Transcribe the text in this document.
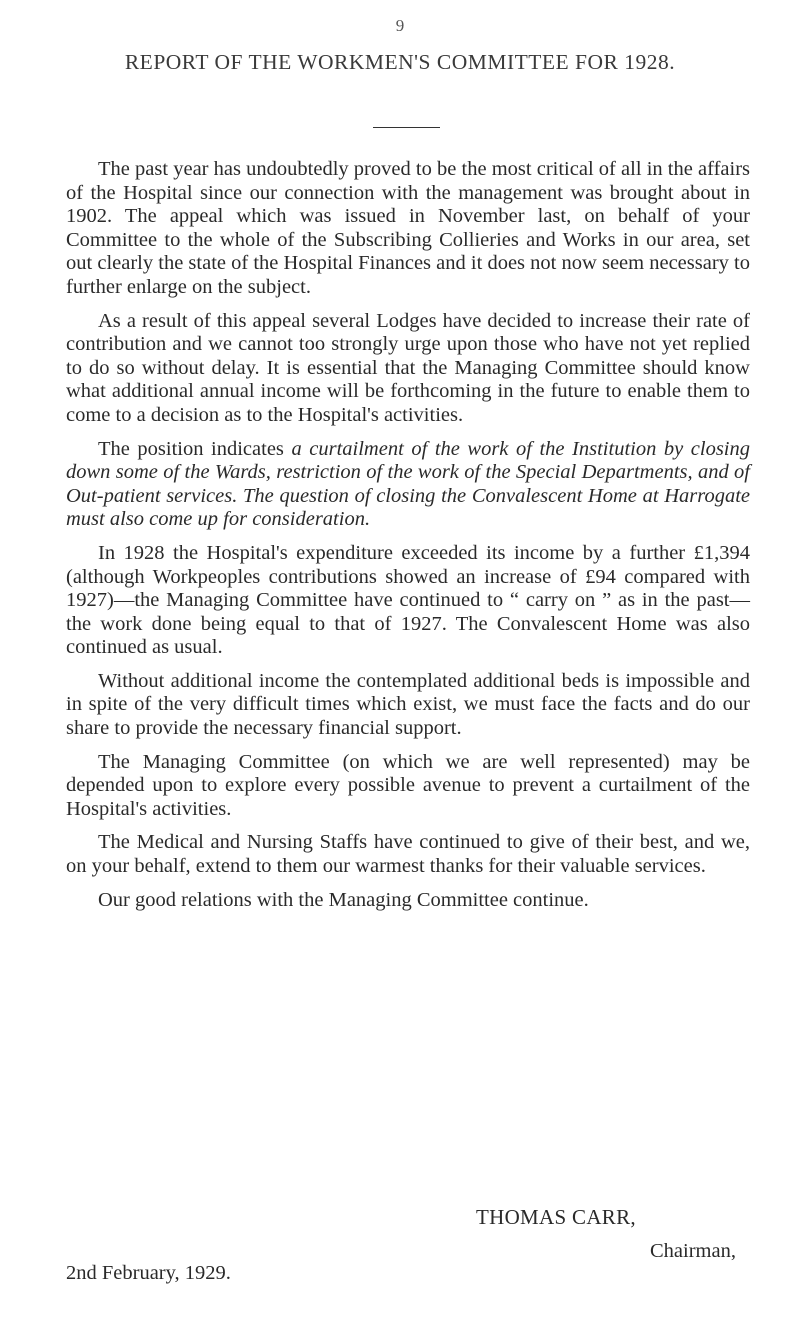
9
REPORT OF THE WORKMEN'S COMMITTEE FOR 1928.

The past year has undoubtedly proved to be the most critical of all in the affairs of the Hospital since our connection with the management was brought about in 1902. The appeal which was issued in November last, on behalf of your Committee to the whole of the Subscribing Collieries and Works in our area, set out clearly the state of the Hospital Finances and it does not now seem necessary to further enlarge on the subject.

As a result of this appeal several Lodges have decided to increase their rate of contribution and we cannot too strongly urge upon those who have not yet replied to do so without delay. It is essential that the Managing Committee should know what additional annual income will be forthcoming in the future to enable them to come to a decision as to the Hospital's activities.

The position indicates a curtailment of the work of the Institution by closing down some of the Wards, restriction of the work of the Special Departments, and of Out-patient services. The question of closing the Convalescent Home at Harrogate must also come up for consideration.

In 1928 the Hospital's expenditure exceeded its income by a further £1,394 (although Workpeoples contributions showed an increase of £94 compared with 1927)—the Managing Committee have continued to “ carry on ” as in the past—the work done being equal to that of 1927. The Convalescent Home was also continued as usual.

Without additional income the contemplated additional beds is impossible and in spite of the very difficult times which exist, we must face the facts and do our share to provide the necessary financial support.

The Managing Committee (on which we are well represented) may be depended upon to explore every possible avenue to prevent a curtailment of the Hospital's activities.

The Medical and Nursing Staffs have continued to give of their best, and we, on your behalf, extend to them our warmest thanks for their valuable services.

Our good relations with the Managing Committee continue.

THOMAS CARR,
Chairman,
2nd February, 1929.
